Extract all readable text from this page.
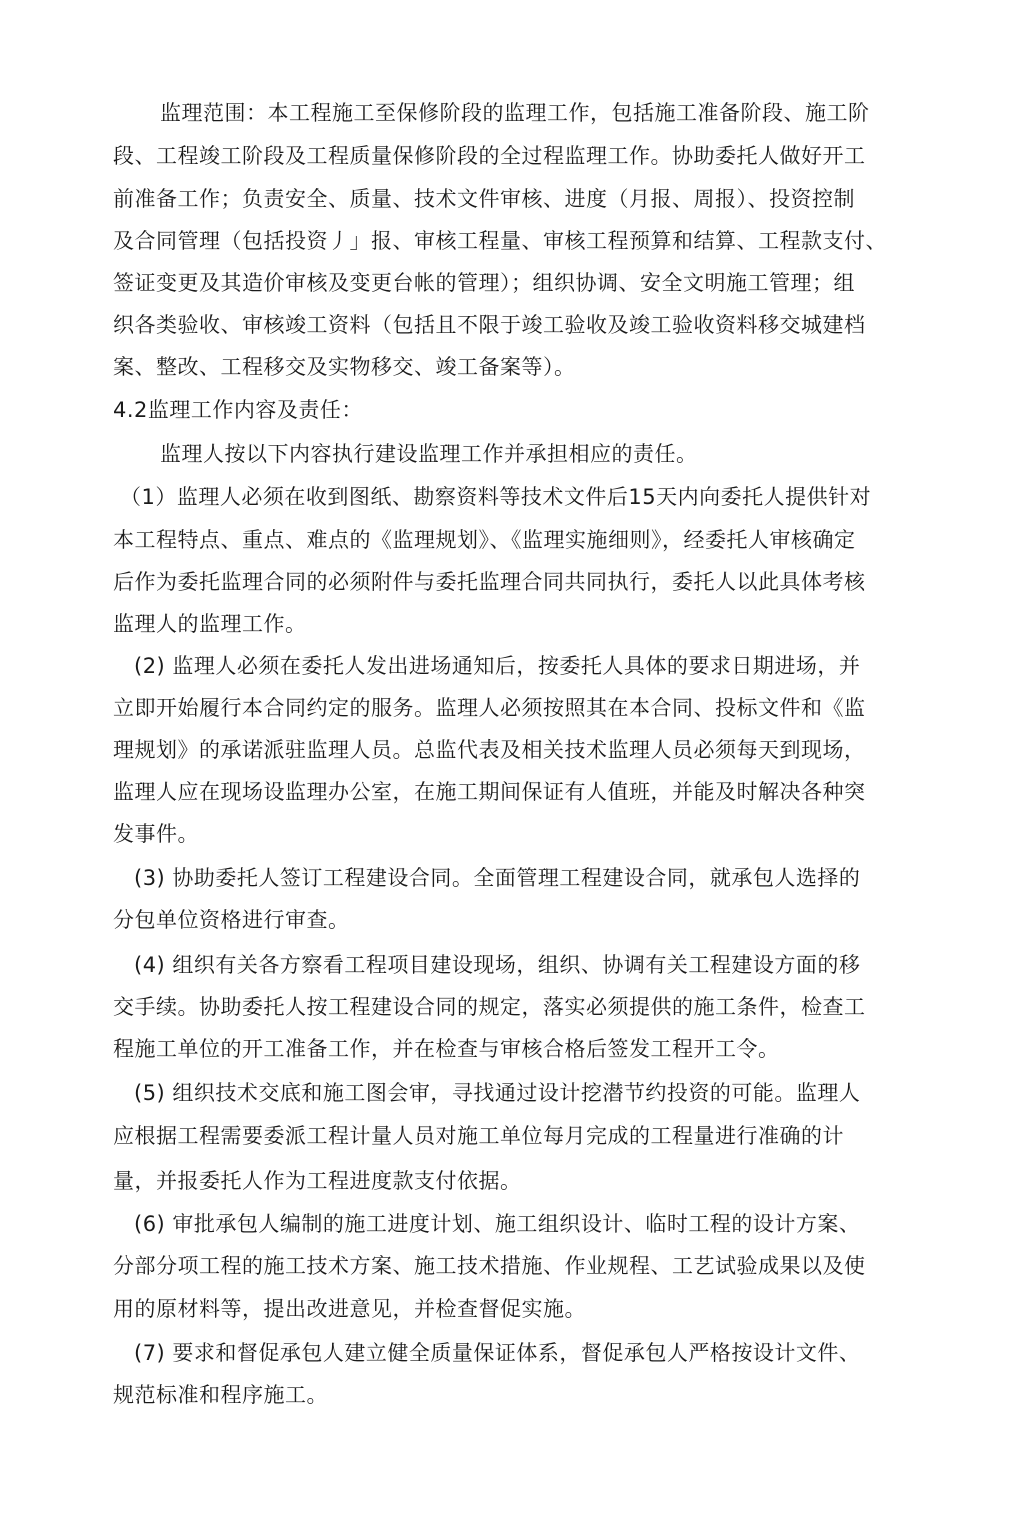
监理范围：本工程施工至保修阶段的监理工作，包括施工准备阶段、施工阶
段、工程竣工阶段及工程质量保修阶段的全过程监理工作。协助委托人做好开工
前准备工作；负责安全、质量、技术文件审核、进度（月报、周报）、投资控制
及合同管理（包括投资丿」报、审核工程量、审核工程预算和结算、工程款支付、
签证变更及其造价审核及变更台帐的管理）；组织协调、安全文明施工管理；组
织各类验收、审核竣工资料（包括且不限于竣工验收及竣工验收资料移交城建档
案、整改、工程移交及实物移交、竣工备案等）。
4.2监理工作内容及责任：
监理人按以下内容执行建设监理工作并承担相应的责任。
（1）监理人必须在收到图纸、勘察资料等技术文件后15天内向委托人提供针对
本工程特点、重点、难点的《监理规划》、《监理实施细则》，经委托人审核确定
后作为委托监理合同的必须附件与委托监理合同共同执行，委托人以此具体考核
监理人的监理工作。
(2) 监理人必须在委托人发出进场通知后，按委托人具体的要求日期进场，并
立即开始履行本合同约定的服务。监理人必须按照其在本合同、投标文件和《监
理规划》的承诺派驻监理人员。总监代表及相关技术监理人员必须每天到现场，
监理人应在现场设监理办公室，在施工期间保证有人值班，并能及时解决各种突
发事件。
(3) 协助委托人签订工程建设合同。全面管理工程建设合同，就承包人选择的
分包单位资格进行审查。
(4) 组织有关各方察看工程项目建设现场，组织、协调有关工程建设方面的移
交手续。协助委托人按工程建设合同的规定，落实必须提供的施工条件，检查工
程施工单位的开工准备工作，并在检查与审核合格后签发工程开工令。
(5) 组织技术交底和施工图会审，寻找通过设计挖潜节约投资的可能。监理人
应根据工程需要委派工程计量人员对施工单位每月完成的工程量进行准确的计
量，并报委托人作为工程进度款支付依据。
(6) 审批承包人编制的施工进度计划、施工组织设计、临时工程的设计方案、
分部分项工程的施工技术方案、施工技术措施、作业规程、工艺试验成果以及使
用的原材料等，提出改进意见，并检查督促实施。
(7) 要求和督促承包人建立健全质量保证体系，督促承包人严格按设计文件、
规范标准和程序施工。
